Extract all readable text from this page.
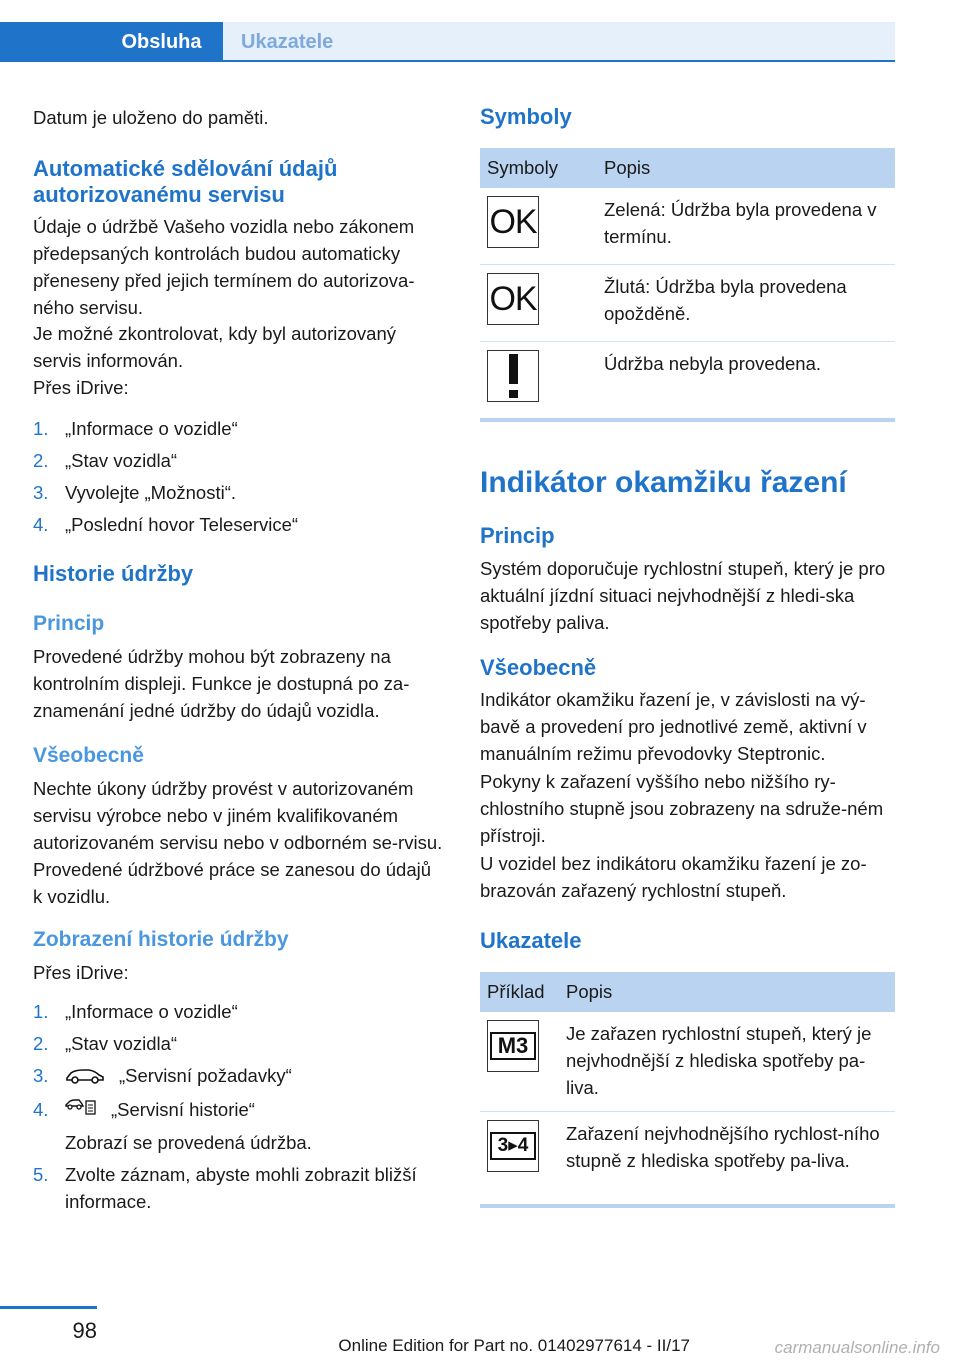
Obsluha	Ukazatele

Datum je uloženo do paměti.

Automatické sdělování údajů autorizovanému servisu

Údaje o údržbě Vašeho vozidla nebo zákonem předepsaných kontrolách budou automaticky přeneseny před jejich termínem do autorizova-ného servisu.

Je možné zkontrolovat, kdy byl autorizovaný servis informován.

Přes iDrive:

1. „Informace o vozidle“
2. „Stav vozidla“
3. Vyvolejte „Možnosti“.
4. „Poslední hovor Teleservice“
Historie údržby
Princip

Provedené údržby mohou být zobrazeny na kontrolním displeji. Funkce je dostupná po za-znamenání jedné údržby do údajů vozidla.

Všeobecně

Nechte úkony údržby provést v autorizovaném servisu výrobce nebo v jiném kvalifikovaném autorizovaném servisu nebo v odborném se-rvisu. Provedené údržbové práce se zanesou do údajů k vozidlu.

Zobrazení historie údržby

Přes iDrive:

1. „Informace o vozidle“
2. „Stav vozidla“
3.	„Servisní požadavky“
4.	„Servisní historie“
Zobrazí se provedená údržba.
5. Zvolte záznam, abyste mohli zobrazit bližší informace.
Symboly
Symboly	Popis

OK	Zelená: Údržba byla provedena v termínu.

OK	Žlutá: Údržba byla provedena opožděně.

	Údržba nebyla provedena.
Indikátor okamžiku řazení
Princip

Systém doporučuje rychlostní stupeň, který je pro aktuální jízdní situaci nejvhodnější z hledi-ska spotřeby paliva.

Všeobecně

Indikátor okamžiku řazení je, v závislosti na vý-bavě a provedení pro jednotlivé země, aktivní v manuálním režimu převodovky Steptronic.

Pokyny k zařazení vyššího nebo nižšího ry-chlostního stupně jsou zobrazeny na sdruže-ném přístroji.

U vozidel bez indikátoru okamžiku řazení je zo-brazován zařazený rychlostní stupeň.

Ukazatele
Příklad	Popis

M3	Je zařazen rychlostní stupeň, který je nejvhodnější z hlediska spotřeby pa-liva.

3▸4	Zařazení nejvhodnějšího rychlost-ního stupně z hlediska spotřeby pa-liva.
98
Online Edition for Part no. 01402977614 - II/17	carmanualsonline.info
